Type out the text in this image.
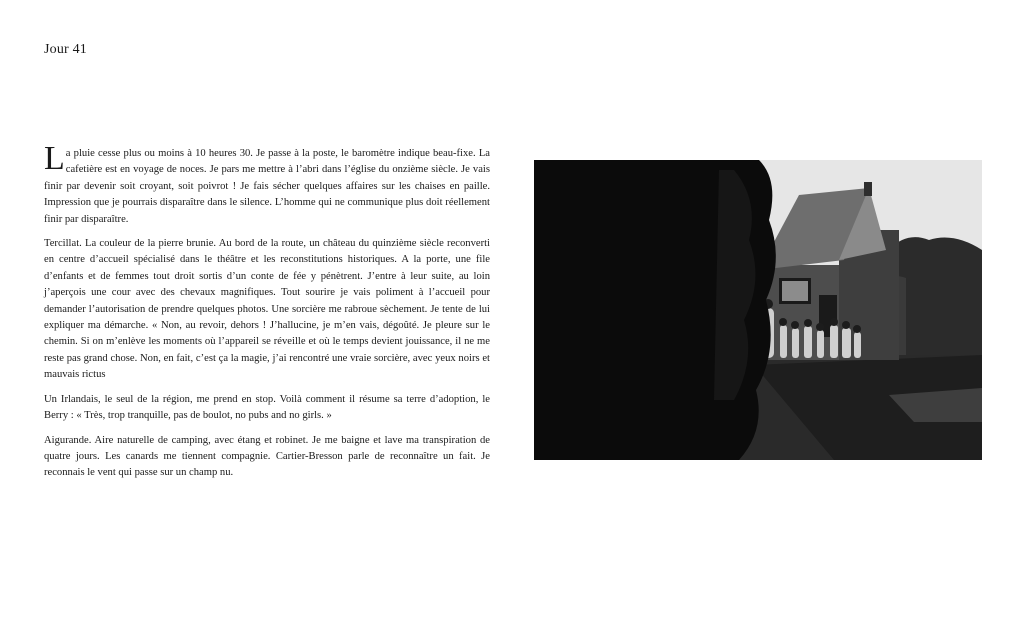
Jour 41

La pluie cesse plus ou moins à 10 heures 30. Je passe à la poste, le baromètre indique beau-fixe. La cafetière est en voyage de noces. Je pars me mettre à l’abri dans l’église du onzième siècle. Je vais finir par devenir soit croyant, soit poivrot ! Je fais sécher quelques affaires sur les chaises en paille. Impression que je pourrais disparaître dans le silence. L’homme qui ne communique plus doit réellement finir par disparaître.

Tercillat. La couleur de la pierre brunie. Au bord de la route, un château du quinzième siècle reconverti en centre d’accueil spécialisé dans le théâtre et les reconstitutions historiques. A la porte, une file d’enfants et de femmes tout droit sortis d’un conte de fée y pénètrent. J’entre à leur suite, au loin j’aperçois une cour avec des chevaux magnifiques. Tout sourire je vais poliment à l’accueil pour demander l’autorisation de prendre quelques photos. Une sorcière me rabroue sèchement. Je tente de lui expliquer ma démarche. « Non, au revoir, dehors ! J’hallucine, je m’en vais, dégoûté. Je pleure sur le chemin. Si on m’enlève les moments où l’appareil se réveille et où le temps devient jouissance, il ne me reste pas grand chose. Non, en fait, c’est ça la magie, j’ai rencontré une vraie sorcière, avec yeux noirs et mauvais rictus

Un Irlandais, le seul de la région, me prend en stop. Voilà comment il résume sa terre d’adoption, le Berry : « Très, trop tranquille, pas de boulot, no pubs and no girls. »

Aigurande. Aire naturelle de camping, avec étang et robinet. Je me baigne et lave ma transpiration de quatre jours. Les canards me tiennent compagnie. Cartier-Bresson parle de reconnaître un fait. Je reconnais le vent qui passe sur un champ nu.
